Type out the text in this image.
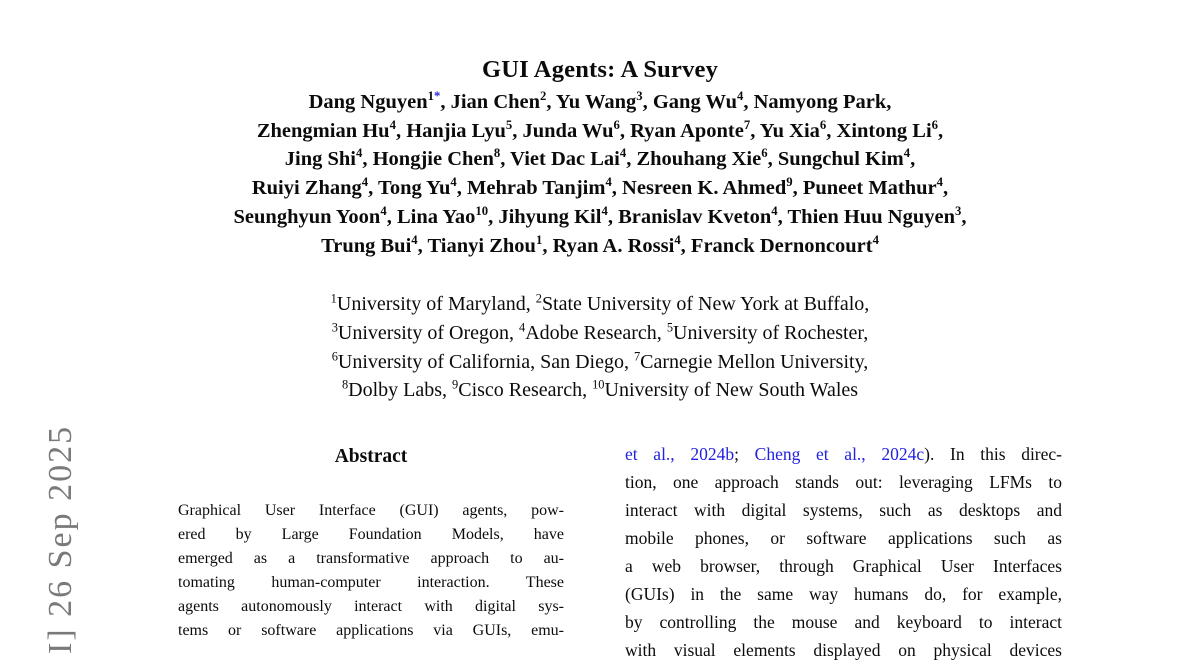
I] 26 Sep 2025
GUI Agents: A Survey
Dang Nguyen$^{1*}$, Jian Chen$^2$, Yu Wang$^3$, Gang Wu$^4$, Namyong Park,
Zhengmian Hu$^4$, Hanjia Lyu$^5$, Junda Wu$^6$, Ryan Aponte$^7$, Yu Xia$^6$, Xintong Li$^6$,
Jing Shi$^4$, Hongjie Chen$^8$, Viet Dac Lai$^4$, Zhouhang Xie$^6$, Sungchul Kim$^4$,
Ruiyi Zhang$^4$, Tong Yu$^4$, Mehrab Tanjim$^4$, Nesreen K. Ahmed$^9$, Puneet Mathur$^4$,
Seunghyun Yoon$^4$, Lina Yao$^{10}$, Jihyung Kil$^4$, Branislav Kveton$^4$, Thien Huu Nguyen$^3$,
Trung Bui$^4$, Tianyi Zhou$^1$, Ryan A. Rossi$^4$, Franck Dernoncourt$^4$
$^1$University of Maryland, $^2$State University of New York at Buffalo,
$^3$University of Oregon, $^4$Adobe Research, $^5$University of Rochester,
$^6$University of California, San Diego, $^7$Carnegie Mellon University,
$^8$Dolby Labs, $^9$Cisco Research, $^{10}$University of New South Wales
Abstract
Graphical User Interface (GUI) agents, pow-
ered by Large Foundation Models, have
emerged as a transformative approach to au-
tomating human-computer interaction. These
agents autonomously interact with digital sys-
tems or software applications via GUIs, emu-
et al., 2024b; Cheng et al., 2024c). In this direc-
tion, one approach stands out: leveraging LFMs to
interact with digital systems, such as desktops and
mobile phones, or software applications such as
a web browser, through Graphical User Interfaces
(GUIs) in the same way humans do, for example,
by controlling the mouse and keyboard to interact
with visual elements displayed on physical devices
